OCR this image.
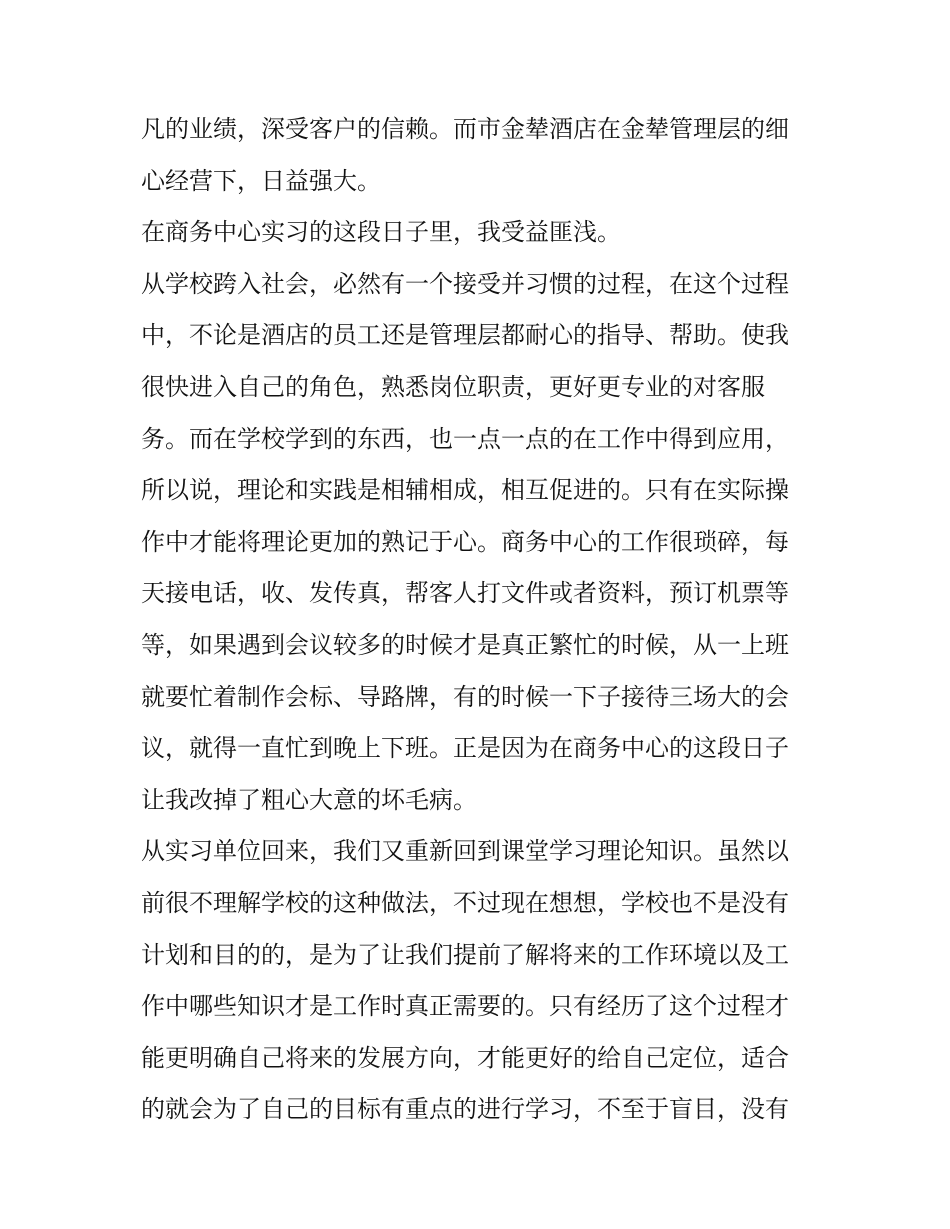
凡的业绩，深受客户的信赖。而市金辇酒店在金辇管理层的细
心经营下，日益强大。
在商务中心实习的这段日子里，我受益匪浅。
从学校跨入社会，必然有一个接受并习惯的过程，在这个过程
中，不论是酒店的员工还是管理层都耐心的指导、帮助。使我
很快进入自己的角色，熟悉岗位职责，更好更专业的对客服
务。而在学校学到的东西，也一点一点的在工作中得到应用，
所以说，理论和实践是相辅相成，相互促进的。只有在实际操
作中才能将理论更加的熟记于心。商务中心的工作很琐碎，每
天接电话，收、发传真，帮客人打文件或者资料，预订机票等
等，如果遇到会议较多的时候才是真正繁忙的时候，从一上班
就要忙着制作会标、导路牌，有的时候一下子接待三场大的会
议，就得一直忙到晚上下班。正是因为在商务中心的这段日子
让我改掉了粗心大意的坏毛病。
从实习单位回来，我们又重新回到课堂学习理论知识。虽然以
前很不理解学校的这种做法，不过现在想想，学校也不是没有
计划和目的的，是为了让我们提前了解将来的工作环境以及工
作中哪些知识才是工作时真正需要的。只有经历了这个过程才
能更明确自己将来的发展方向，才能更好的给自己定位，适合
的就会为了自己的目标有重点的进行学习，不至于盲目，没有
